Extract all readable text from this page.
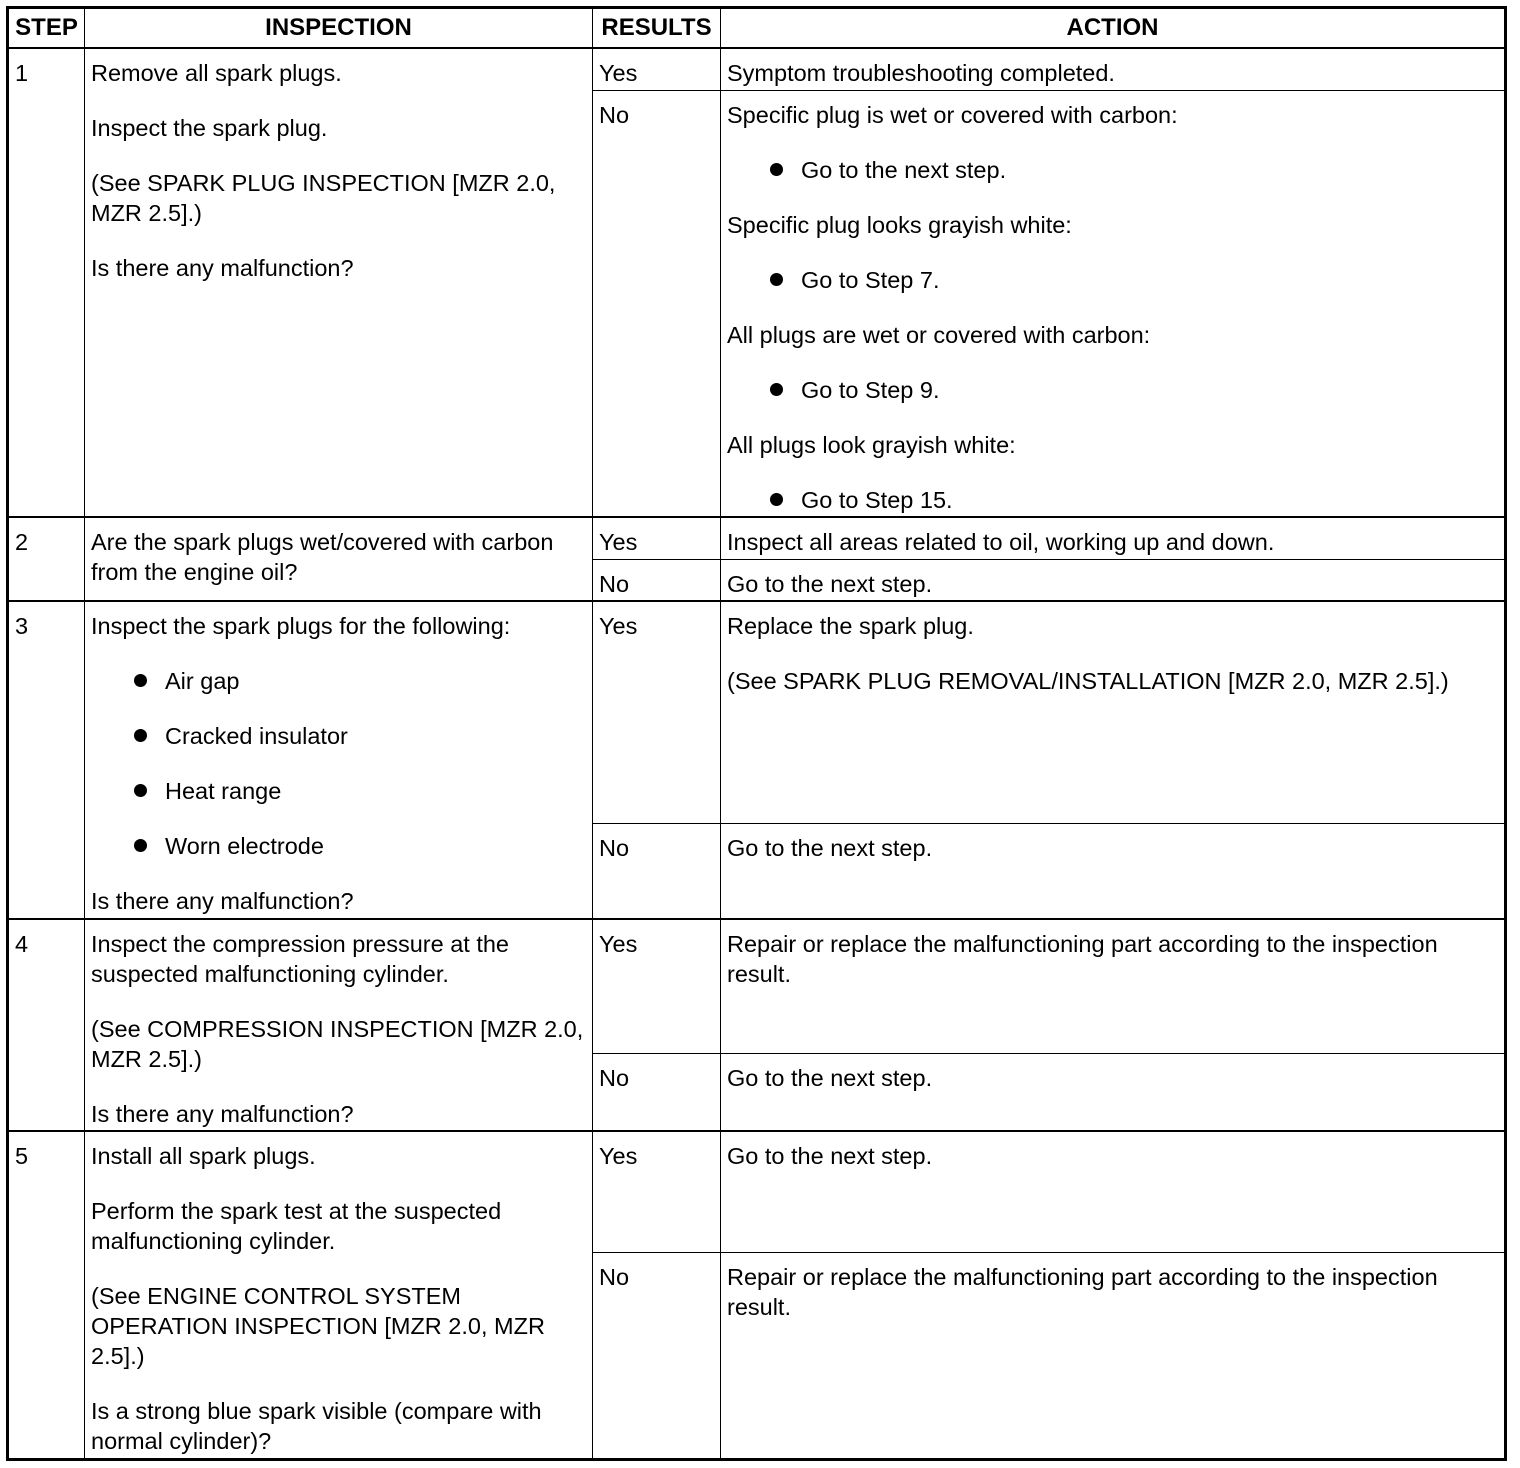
STEP	INSPECTION	RESULTS	ACTION
1	Remove all spark plugs.
Inspect the spark plug.
(See SPARK PLUG INSPECTION [MZR 2.0, MZR 2.5].)
Is there any malfunction?
Yes	Symptom troubleshooting completed.
No	Specific plug is wet or covered with carbon:
Go to the next step.
Specific plug looks grayish white:
Go to Step 7.
All plugs are wet or covered with carbon:
Go to Step 9.
All plugs look grayish white:
Go to Step 15.
2	Are the spark plugs wet/covered with carbon from the engine oil?
Yes	Inspect all areas related to oil, working up and down.
No	Go to the next step.
3	Inspect the spark plugs for the following:
Air gap
Cracked insulator
Heat range
Worn electrode
Is there any malfunction?
Yes	Replace the spark plug.
(See SPARK PLUG REMOVAL/INSTALLATION [MZR 2.0, MZR 2.5].)
No	Go to the next step.
4	Inspect the compression pressure at the suspected malfunctioning cylinder.
(See COMPRESSION INSPECTION [MZR 2.0, MZR 2.5].)
Is there any malfunction?
Yes	Repair or replace the malfunctioning part according to the inspection result.
No	Go to the next step.
5	Install all spark plugs.
Perform the spark test at the suspected malfunctioning cylinder.
(See ENGINE CONTROL SYSTEM OPERATION INSPECTION [MZR 2.0, MZR 2.5].)
Is a strong blue spark visible (compare with normal cylinder)?
Yes	Go to the next step.
No	Repair or replace the malfunctioning part according to the inspection result.
